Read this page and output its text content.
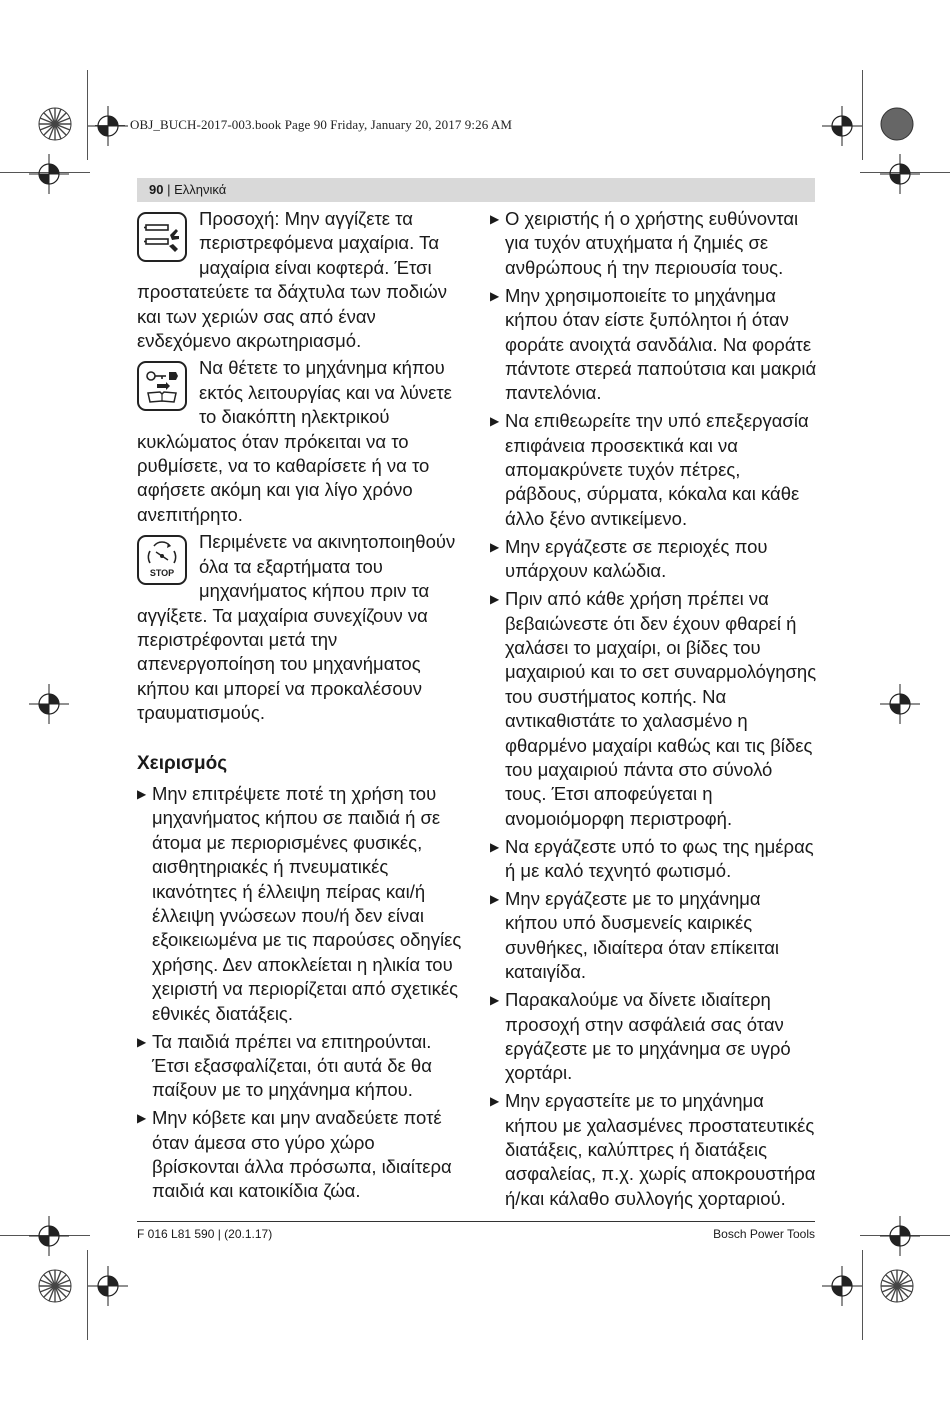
OBJ_BUCH-2017-003.book Page 90 Friday, January 20, 2017 9:26 AM
90 | Ελληνικά
Προσοχή: Μην αγγίζετε τα περιστρεφόμενα μαχαίρια. Τα μαχαίρια είναι κοφτερά. Έτσι προστατεύετε τα δάχτυλα των ποδιών και των χεριών σας από έναν ενδεχόμενο ακρωτηριασμό.
Να θέτετε το μηχάνημα κήπου εκτός λειτουργίας και να λύνετε το διακόπτη ηλεκτρικού κυκλώματος όταν πρόκειται να το ρυθμίσετε, να το καθαρίσετε ή να το αφήσετε ακόμη και για λίγο χρόνο ανεπιτήρητο.
STOP
Περιμένετε να ακινητοποιηθούν όλα τα εξαρτήματα του μηχανήματος κήπου πριν τα αγγίξετε. Τα μαχαίρια συνεχίζουν να περιστρέφονται μετά την απενεργοποίηση του μηχανήματος κήπου και μπορεί να προκαλέσουν τραυματισμούς.
Χειρισμός
▶ Μην επιτρέψετε ποτέ τη χρήση του μηχανήματος κήπου σε παιδιά ή σε άτομα με περιορισμένες φυσικές, αισθητηριακές ή πνευματικές ικανότητες ή έλλειψη πείρας και/ή έλλειψη γνώσεων που/ή δεν είναι εξοικειωμένα με τις παρούσες οδηγίες χρήσης. Δεν αποκλείεται η ηλικία του χειριστή να περιορίζεται από σχετικές εθνικές διατάξεις.
▶ Τα παιδιά πρέπει να επιτηρούνται. Έτσι εξασφαλίζεται, ότι αυτά δε θα παίξουν με το μηχάνημα κήπου.
▶ Μην κόβετε και μην αναδεύετε ποτέ όταν άμεσα στο γύρο χώρο βρίσκονται άλλα πρόσωπα, ιδιαίτερα παιδιά και κατοικίδια ζώα.
▶ Ο χειριστής ή ο χρήστης ευθύνονται για τυχόν ατυχήματα ή ζημιές σε ανθρώπους ή την περιουσία τους.
▶ Μην χρησιμοποιείτε το μηχάνημα κήπου όταν είστε ξυπόλητοι ή όταν φοράτε ανοιχτά σανδάλια. Να φοράτε πάντοτε στερεά παπούτσια και μακριά παντελόνια.
▶ Να επιθεωρείτε την υπό επεξεργασία επιφάνεια προσεκτικά και να απομακρύνετε τυχόν πέτρες, ράβδους, σύρματα, κόκαλα και κάθε άλλο ξένο αντικείμενο.
▶ Μην εργάζεστε σε περιοχές που υπάρχουν καλώδια.
▶ Πριν από κάθε χρήση πρέπει να βεβαιώνεστε ότι δεν έχουν φθαρεί ή χαλάσει το μαχαίρι, οι βίδες του μαχαιριού και το σετ συναρμολόγησης του συστήματος κοπής. Να αντικαθιστάτε το χαλασμένο η φθαρμένο μαχαίρι καθώς και τις βίδες του μαχαιριού πάντα στο σύνολό τους. Έτσι αποφεύγεται η ανομοιόμορφη περιστροφή.
▶ Να εργάζεστε υπό το φως της ημέρας ή με καλό τεχνητό φωτισμό.
▶ Μην εργάζεστε με το μηχάνημα κήπου υπό δυσμενείς καιρικές συνθήκες, ιδιαίτερα όταν επίκειται καταιγίδα.
▶ Παρακαλούμε να δίνετε ιδιαίτερη προσοχή στην ασφάλειά σας όταν εργάζεστε με το μηχάνημα σε υγρό χορτάρι.
▶ Μην εργαστείτε με το μηχάνημα κήπου με χαλασμένες προστατευτικές διατάξεις, καλύπτρες ή διατάξεις ασφαλείας, π.χ. χωρίς αποκρουστήρα ή/και κάλαθο συλλογής χορταριού.
F 016 L81 590 | (20.1.17)	Bosch Power Tools
